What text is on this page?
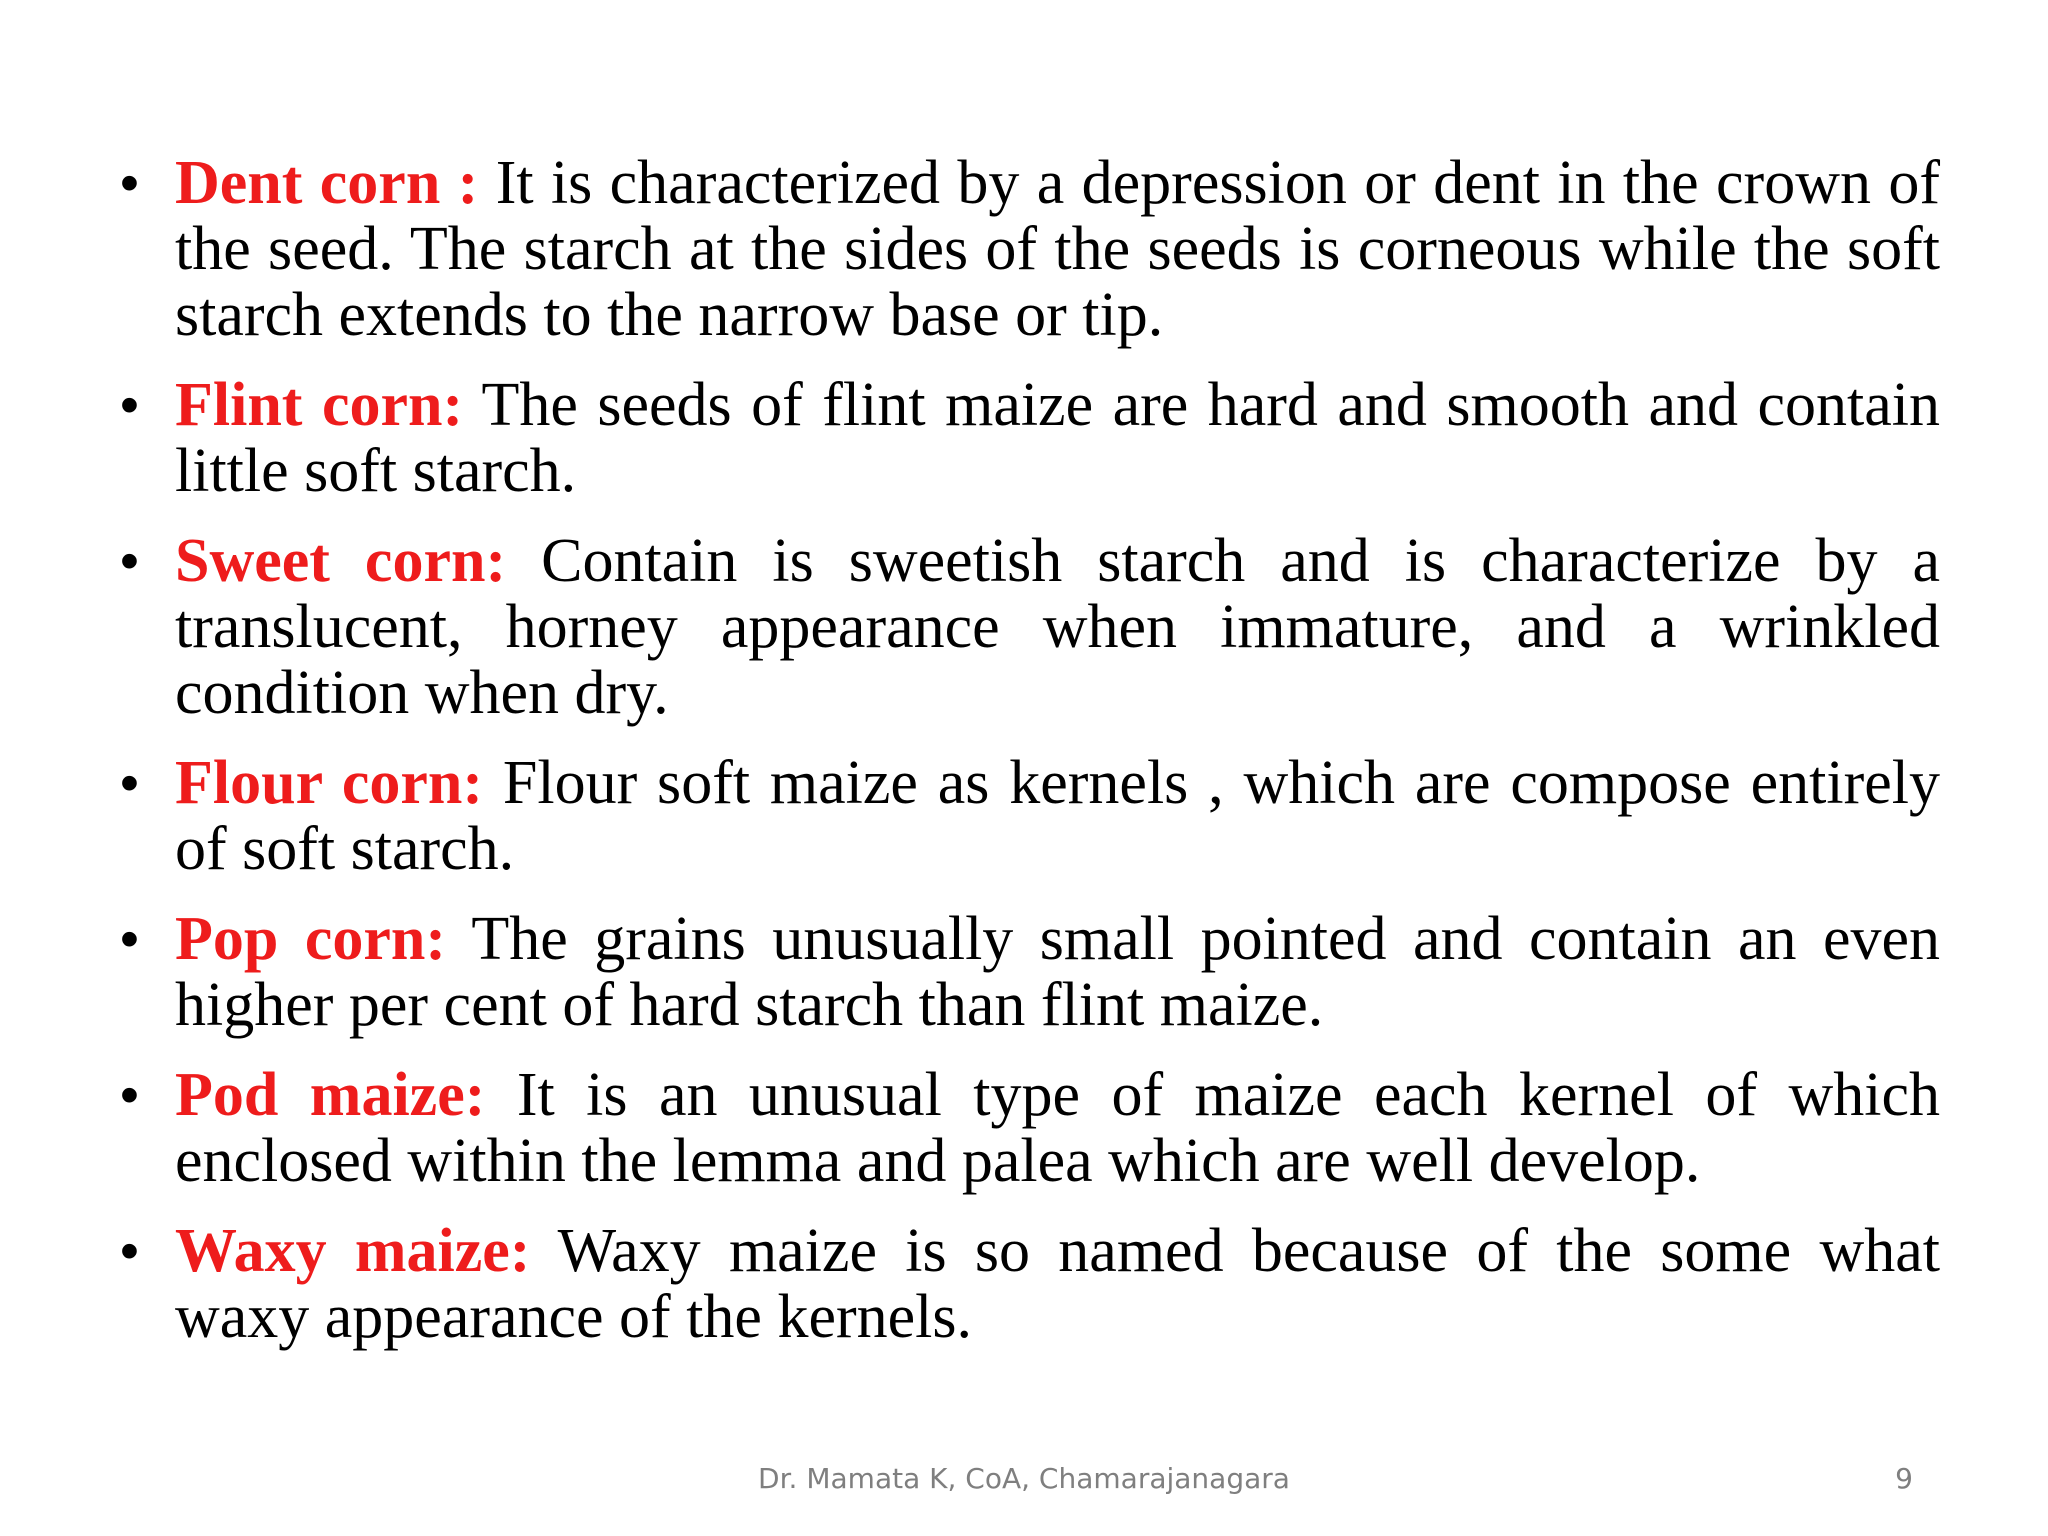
• Dent corn : It is characterized by a depression or dent in the crown of the seed. The starch at the sides of the seeds is corneous while the soft starch extends to the narrow base or tip.
• Flint corn: The seeds of flint maize are hard and smooth and contain little soft starch.
• Sweet corn: Contain is sweetish starch and is characterize by a translucent, horney appearance when immature, and a wrinkled condition when dry.
• Flour corn: Flour soft maize as kernels , which are compose entirely of soft starch.
• Pop corn: The grains unusually small pointed and contain an even higher per cent of hard starch than flint maize.
• Pod maize: It is an unusual type of maize each kernel of which enclosed within the lemma and palea which are well develop.
• Waxy maize: Waxy maize is so named because of the some what waxy appearance of the kernels.
Dr. Mamata K, CoA, Chamarajanagara	9
